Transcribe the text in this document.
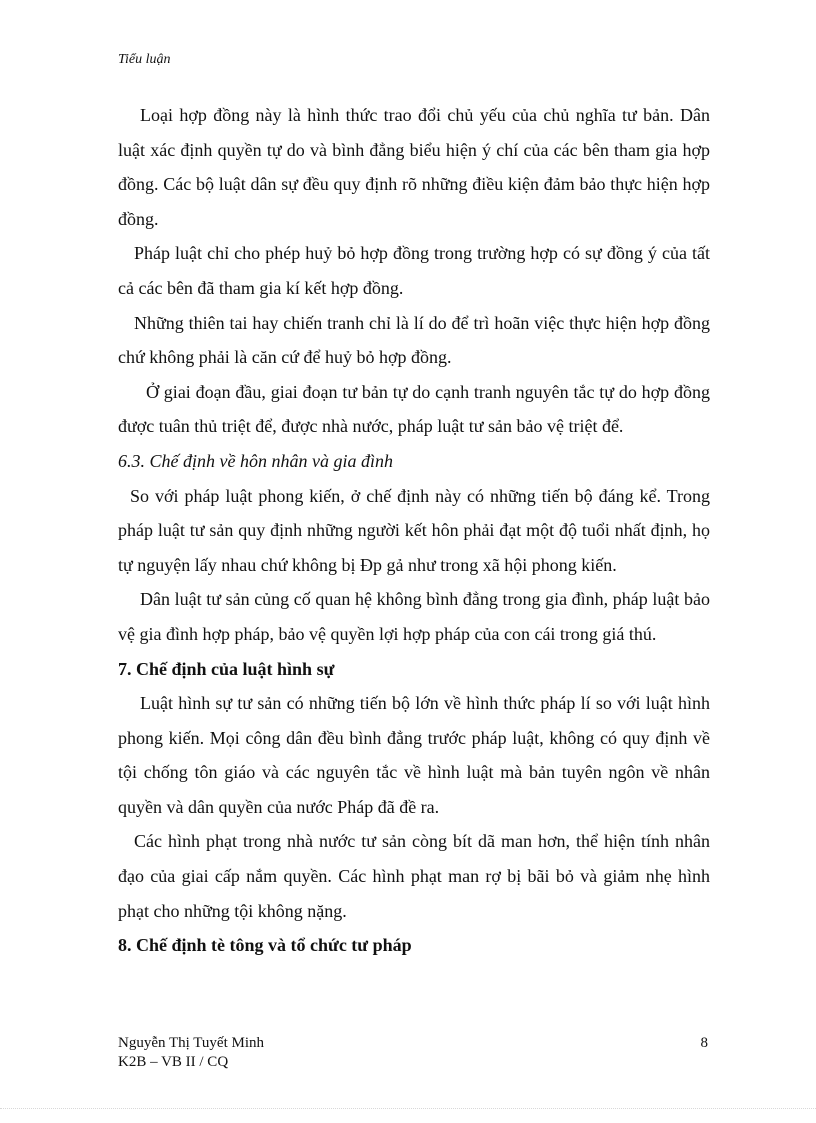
Tiểu luận

Loại hợp đồng này là hình thức trao đổi chủ yếu của chủ nghĩa tư bản. Dân luật xác định quyền tự do và bình đẳng biểu hiện ý chí của các bên tham gia hợp đồng. Các bộ luật dân sự đều quy định rõ những điều kiện đảm bảo thực hiện hợp đồng.

Pháp luật chỉ cho phép huỷ bỏ hợp đồng trong trường hợp có sự đồng ý của tất cả các bên đã tham gia kí kết hợp đồng.

Những thiên tai hay chiến tranh chỉ là lí do để trì hoãn việc thực hiện hợp đồng chứ không phải là căn cứ để huỷ bỏ hợp đồng.

Ở giai đoạn đầu, giai đoạn tư bản tự do cạnh tranh nguyên tắc tự do hợp đồng được tuân thủ triệt để, được nhà nước, pháp luật tư sản bảo vệ triệt để.

6.3. Chế định về hôn nhân và gia đình

So với pháp luật phong kiến, ở chế định này có những tiến bộ đáng kể. Trong pháp luật tư sản quy định những người kết hôn phải đạt một độ tuổi nhất định, họ tự nguyện lấy nhau chứ không bị Đp gả như trong xã hội phong kiến.

Dân luật tư sản củng cố quan hệ không bình đẳng trong gia đình, pháp luật bảo vệ gia đình hợp pháp, bảo vệ quyền lợi hợp pháp của con cái trong giá thú.

7. Chế định của luật hình sự

Luật hình sự tư sản có những tiến bộ lớn về hình thức pháp lí so với luật hình phong kiến. Mọi công dân đều bình đẳng trước pháp luật, không có quy định về tội chống tôn giáo và các nguyên tắc về hình luật mà bản tuyên ngôn về nhân quyền và dân quyền của nước Pháp đã đề ra.

Các hình phạt trong nhà nước tư sản còng bít dã man hơn, thể hiện tính nhân đạo của giai cấp nắm quyền. Các hình phạt man rợ bị bãi bỏ và giảm nhẹ hình phạt cho những tội không nặng.

8. Chế định tè tông và tổ chức tư pháp

Nguyễn Thị Tuyết Minh
K2B – VB II / CQ
8
